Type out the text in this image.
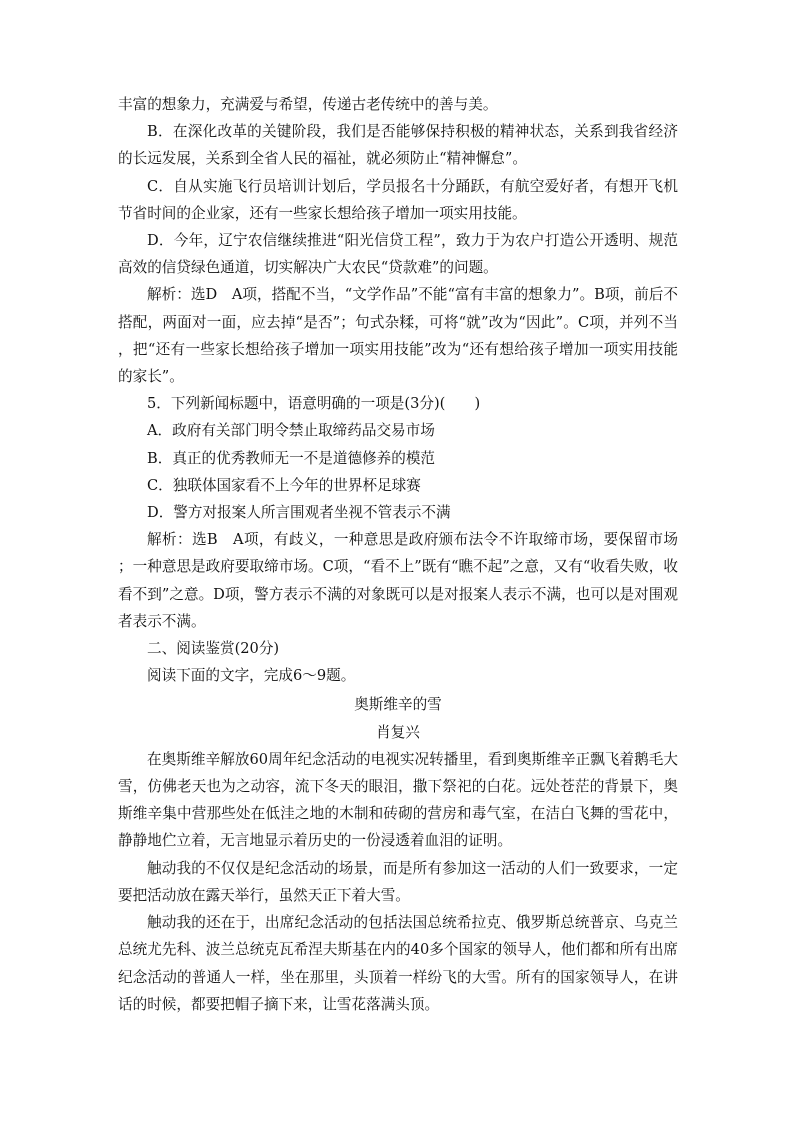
丰富的想象力，充满爱与希望，传递古老传统中的善与美。

B．在深化改革的关键阶段，我们是否能够保持积极的精神状态，关系到我省经济的长远发展，关系到全省人民的福祉，就必须防止“精神懈怠”。

C．自从实施飞行员培训计划后，学员报名十分踊跃，有航空爱好者，有想开飞机节省时间的企业家，还有一些家长想给孩子增加一项实用技能。

D．今年，辽宁农信继续推进“阳光信贷工程”，致力于为农户打造公开透明、规范高效的信贷绿色通道，切实解决广大农民“贷款难”的问题。

解析：选D　A项，搭配不当，“文学作品”不能“富有丰富的想象力”。B项，前后不搭配，两面对一面，应去掉“是否”；句式杂糅，可将“就”改为“因此”。C项，并列不当，把“还有一些家长想给孩子增加一项实用技能”改为“还有想给孩子增加一项实用技能的家长”。

5．下列新闻标题中，语意明确的一项是(3分)(　　)

A．政府有关部门明令禁止取缔药品交易市场

B．真正的优秀教师无一不是道德修养的模范

C．独联体国家看不上今年的世界杯足球赛

D．警方对报案人所言围观者坐视不管表示不满

解析：选B　A项，有歧义，一种意思是政府颁布法令不许取缔市场，要保留市场；一种意思是政府要取缔市场。C项，“看不上”既有“瞧不起”之意，又有“收看失败，收看不到”之意。D项，警方表示不满的对象既可以是对报案人表示不满，也可以是对围观者表示不满。

二、阅读鉴赏(20分)

阅读下面的文字，完成6～9题。

奥斯维辛的雪

肖复兴

在奥斯维辛解放60周年纪念活动的电视实况转播里，看到奥斯维辛正飘飞着鹅毛大雪，仿佛老天也为之动容，流下冬天的眼泪，撒下祭祀的白花。远处苍茫的背景下，奥斯维辛集中营那些处在低洼之地的木制和砖砌的营房和毒气室，在洁白飞舞的雪花中，静静地伫立着，无言地显示着历史的一份浸透着血泪的证明。

触动我的不仅仅是纪念活动的场景，而是所有参加这一活动的人们一致要求，一定要把活动放在露天举行，虽然天正下着大雪。

触动我的还在于，出席纪念活动的包括法国总统希拉克、俄罗斯总统普京、乌克兰总统尤先科、波兰总统克瓦希涅夫斯基在内的40多个国家的领导人，他们都和所有出席纪念活动的普通人一样，坐在那里，头顶着一样纷飞的大雪。所有的国家领导人，在讲话的时候，都要把帽子摘下来，让雪花落满头顶。
